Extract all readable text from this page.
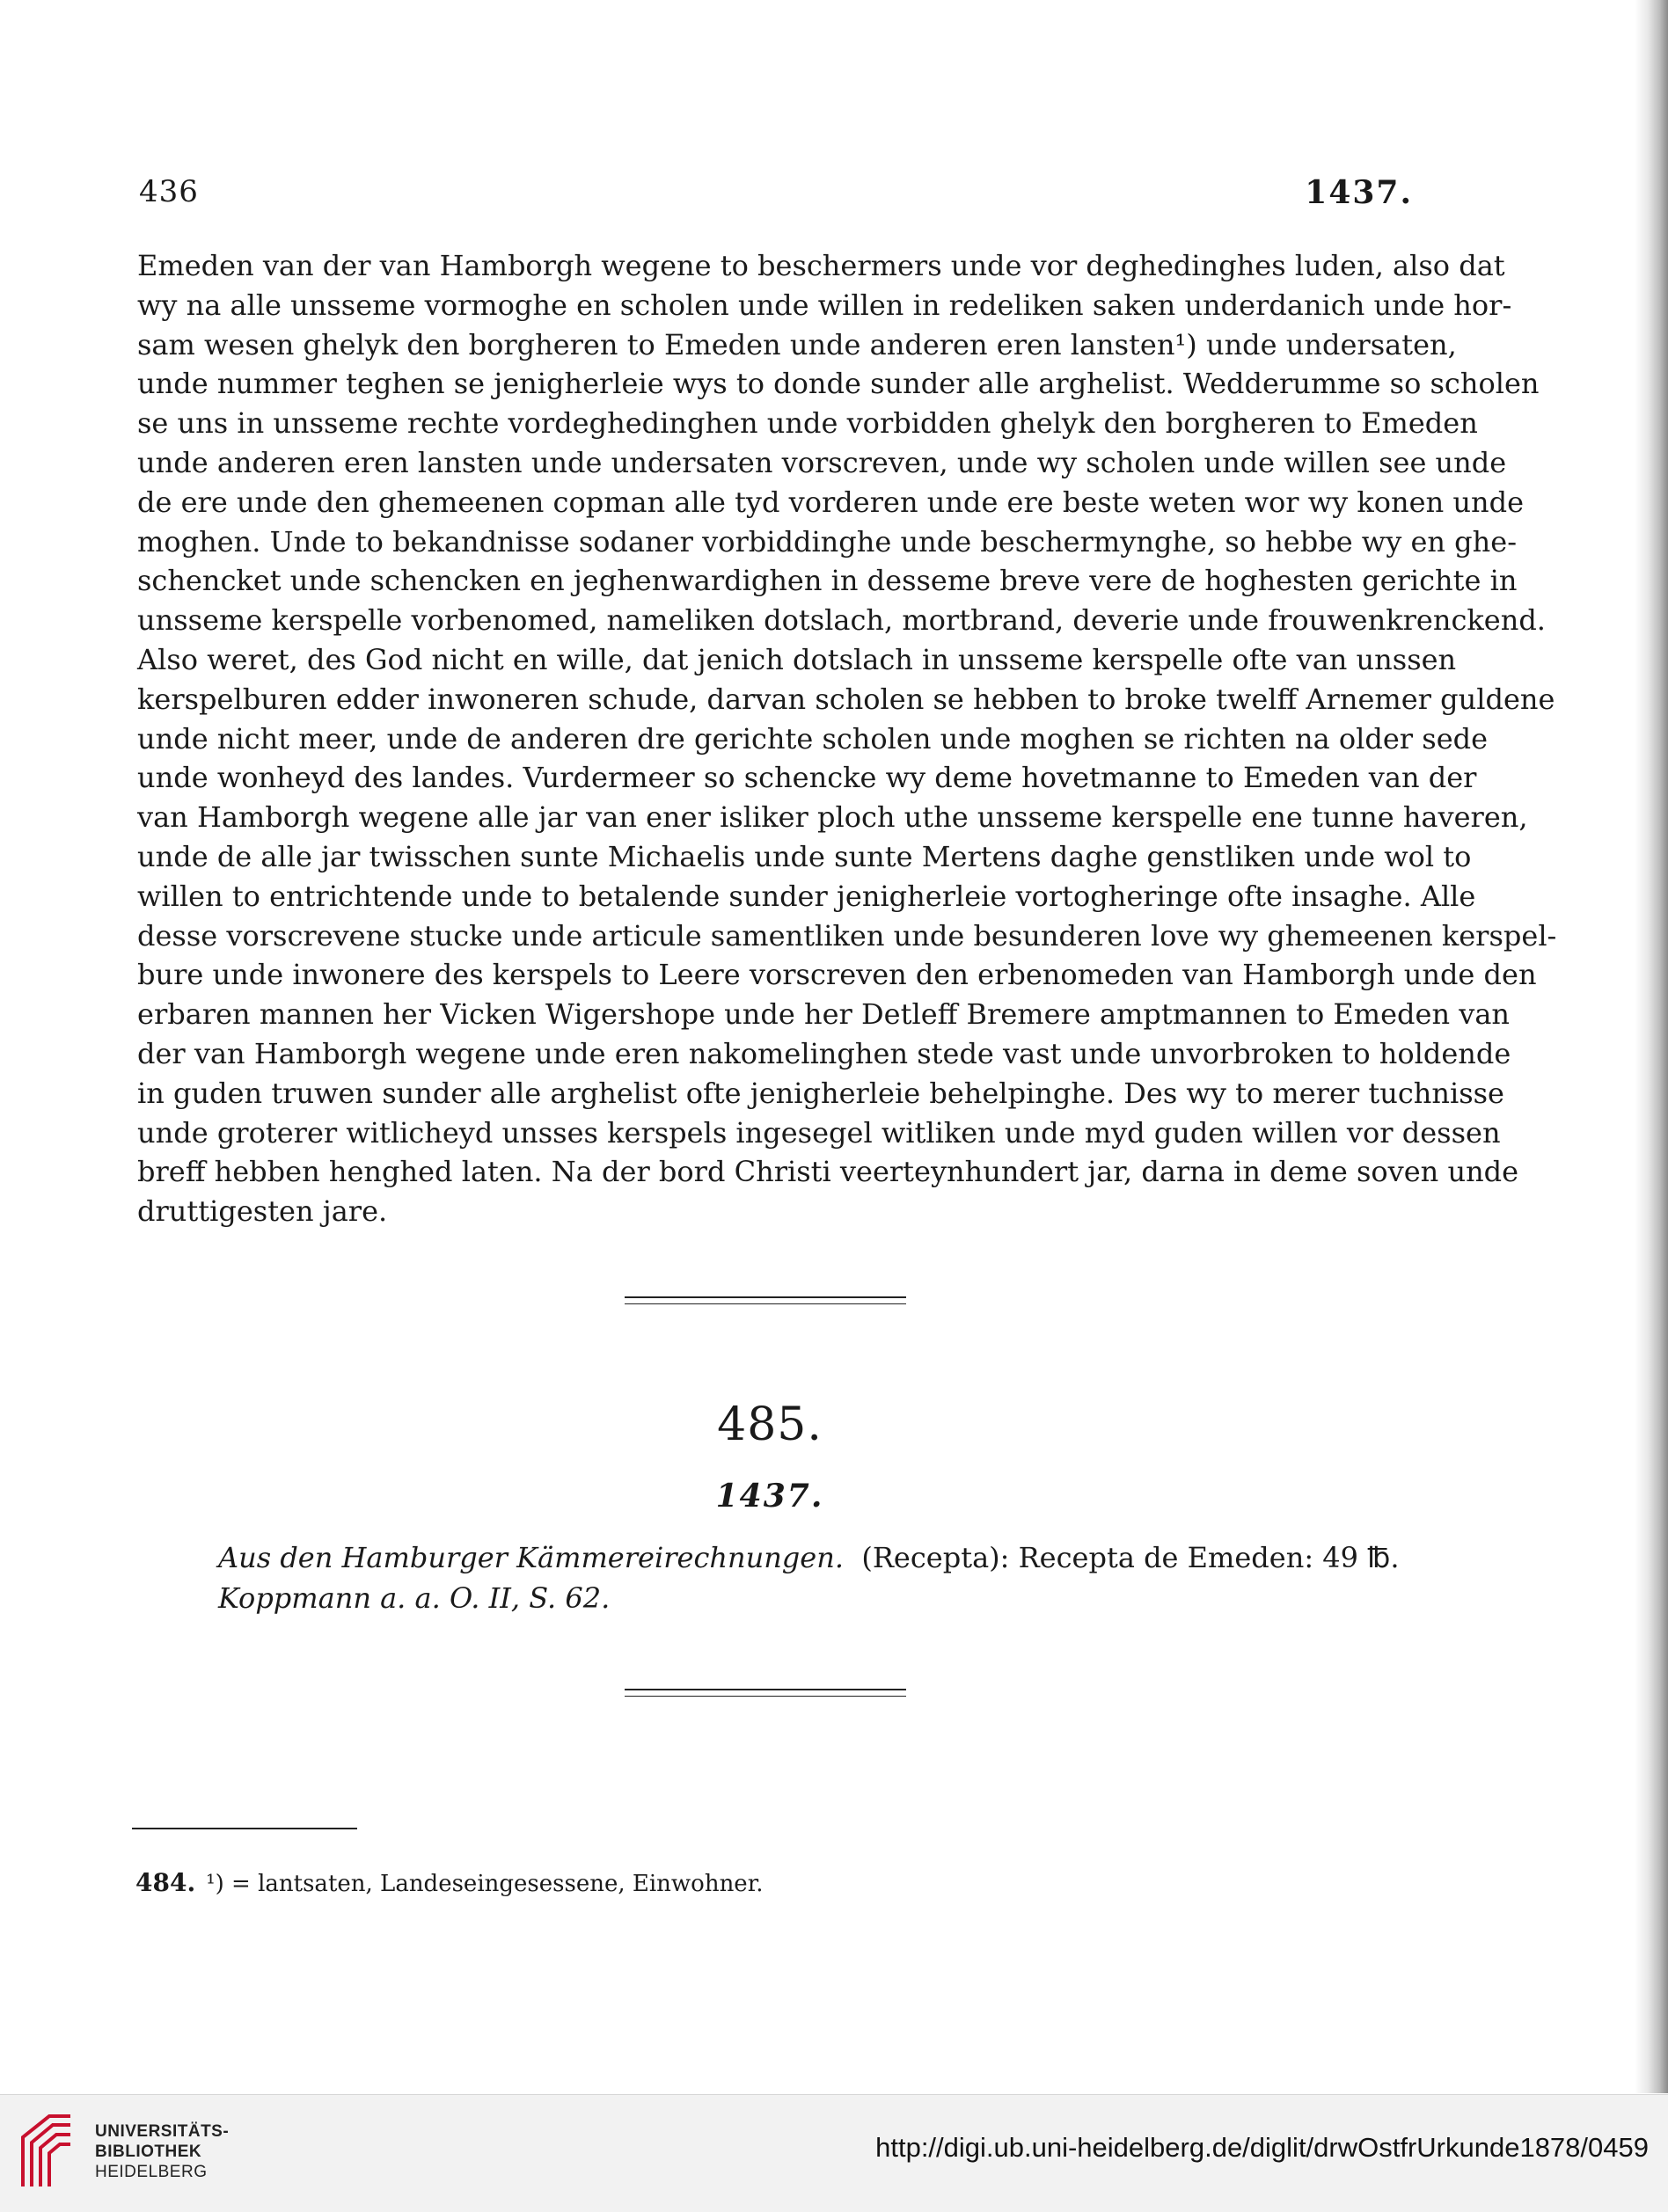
436	1437.
Emeden van der van Hamborgh wegene to beschermers unde vor deghedinghes luden, also dat
wy na alle unsseme vormoghe en scholen unde willen in redeliken saken underdanich unde hor-
sam wesen ghelyk den borgheren to Emeden unde anderen eren lansten¹) unde undersaten,
unde nummer teghen se jenigherleie wys to donde sunder alle arghelist. Wedderumme so scholen
se uns in unsseme rechte vordeghedinghen unde vorbidden ghelyk den borgheren to Emeden
unde anderen eren lansten unde undersaten vorscreven, unde wy scholen unde willen see unde
de ere unde den ghemeenen copman alle tyd vorderen unde ere beste weten wor wy konen unde
moghen. Unde to bekandnisse sodaner vorbiddinghe unde beschermynghe, so hebbe wy en ghe-
schencket unde schencken en jeghenwardighen in desseme breve vere de hoghesten gerichte in
unsseme kerspelle vorbenomed, nameliken dotslach, mortbrand, deverie unde frouwenkrenckend.
Also weret, des God nicht en wille, dat jenich dotslach in unsseme kerspelle ofte van unssen
kerspelburen edder inwoneren schude, darvan scholen se hebben to broke twelff Arnemer guldene
unde nicht meer, unde de anderen dre gerichte scholen unde moghen se richten na older sede
unde wonheyd des landes. Vurdermeer so schencke wy deme hovetmanne to Emeden van der
van Hamborgh wegene alle jar van ener isliker ploch uthe unsseme kerspelle ene tunne haveren,
unde de alle jar twisschen sunte Michaelis unde sunte Mertens daghe genstliken unde wol to
willen to entrichtende unde to betalende sunder jenigherleie vortogheringe ofte insaghe. Alle
desse vorscrevene stucke unde articule samentliken unde besunderen love wy ghemeenen kerspel-
bure unde inwonere des kerspels to Leere vorscreven den erbenomeden van Hamborgh unde den
erbaren mannen her Vicken Wigershope unde her Detleff Bremere amptmannen to Emeden van
der van Hamborgh wegene unde eren nakomelinghen stede vast unde unvorbroken to holdende
in guden truwen sunder alle arghelist ofte jenigherleie behelpinghe. Des wy to merer tuchnisse
unde groterer witlicheyd unsses kerspels ingesegel witliken unde myd guden willen vor dessen
breff hebben henghed laten. Na der bord Christi veerteynhundert jar, darna in deme soven unde
druttigesten jare.
485.
1437.
Aus den Hamburger Kämmereirechnungen. (Recepta): Recepta de Emeden: 49 ℔.
Koppmann a. a. O. II, S. 62.
484. ¹) = lantsaten, Landeseingesessene, Einwohner.
UNIVERSITÄTS-
BIBLIOTHEK
HEIDELBERG
http://digi.ub.uni-heidelberg.de/diglit/drwOstfrUrkunde1878/0459
